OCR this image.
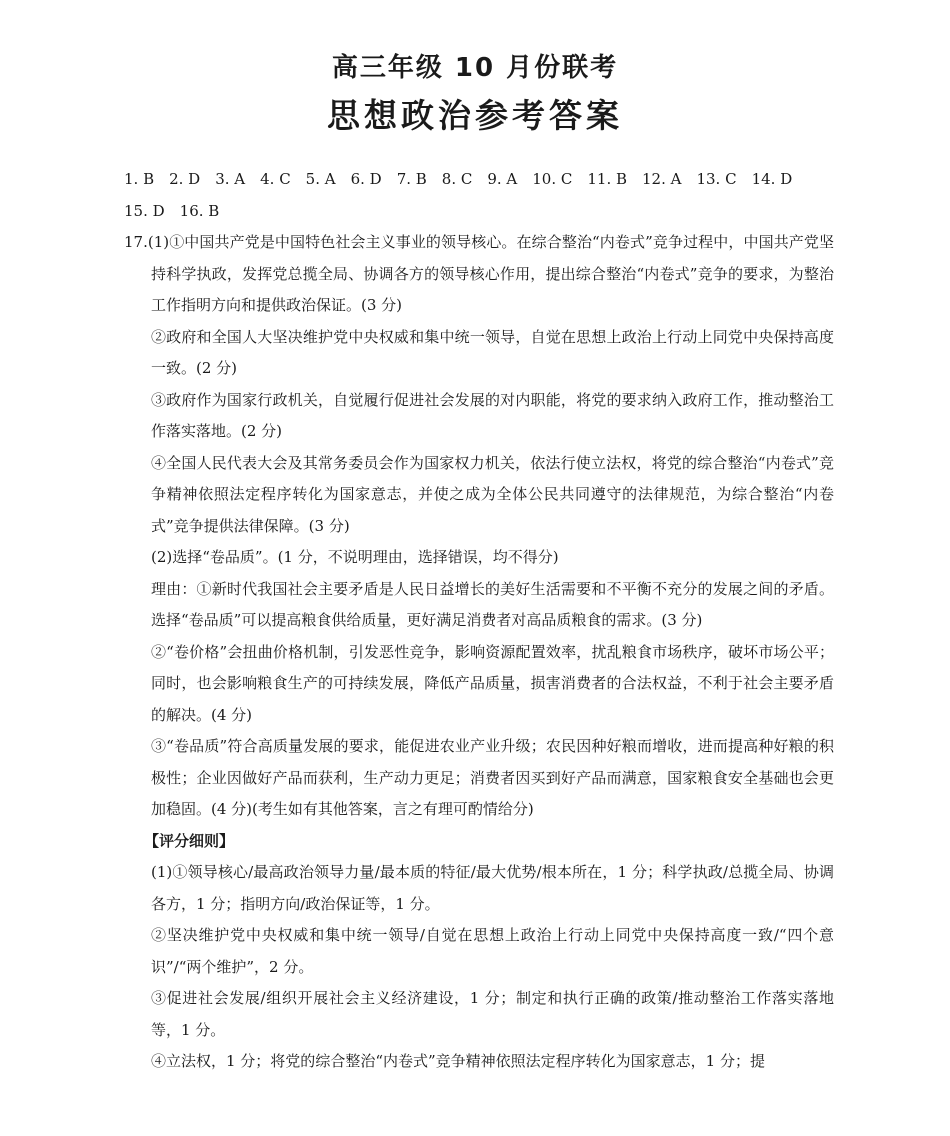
高三年级 10 月份联考
思想政治参考答案

1. B　2. D　3. A　4. C　5. A　6. D　7. B　8. C　9. A　10. C　11. B　12. A　13. C　14. D

15. D　16. B

17.(1)①中国共产党是中国特色社会主义事业的领导核心。在综合整治“内卷式”竞争过程中，中国共产党坚持科学执政，发挥党总揽全局、协调各方的领导核心作用，提出综合整治“内卷式”竞争的要求，为整治工作指明方向和提供政治保证。(3 分)

②政府和全国人大坚决维护党中央权威和集中统一领导，自觉在思想上政治上行动上同党中央保持高度一致。(2 分)

③政府作为国家行政机关，自觉履行促进社会发展的对内职能，将党的要求纳入政府工作，推动整治工作落实落地。(2 分)

④全国人民代表大会及其常务委员会作为国家权力机关，依法行使立法权，将党的综合整治“内卷式”竞争精神依照法定程序转化为国家意志，并使之成为全体公民共同遵守的法律规范，为综合整治“内卷式”竞争提供法律保障。(3 分)

(2)选择“卷品质”。(1 分，不说明理由，选择错误，均不得分)

理由：①新时代我国社会主要矛盾是人民日益增长的美好生活需要和不平衡不充分的发展之间的矛盾。选择“卷品质”可以提高粮食供给质量，更好满足消费者对高品质粮食的需求。(3 分)

②“卷价格”会扭曲价格机制，引发恶性竞争，影响资源配置效率，扰乱粮食市场秩序，破坏市场公平；同时，也会影响粮食生产的可持续发展，降低产品质量，损害消费者的合法权益，不利于社会主要矛盾的解决。(4 分)

③“卷品质”符合高质量发展的要求，能促进农业产业升级；农民因种好粮而增收，进而提高种好粮的积极性；企业因做好产品而获利，生产动力更足；消费者因买到好产品而满意，国家粮食安全基础也会更加稳固。(4 分)(考生如有其他答案，言之有理可酌情给分)

【评分细则】

(1)①领导核心/最高政治领导力量/最本质的特征/最大优势/根本所在，1 分；科学执政/总揽全局、协调各方，1 分；指明方向/政治保证等，1 分。

②坚决维护党中央权威和集中统一领导/自觉在思想上政治上行动上同党中央保持高度一致/“四个意识”/“两个维护”，2 分。

③促进社会发展/组织开展社会主义经济建设，1 分；制定和执行正确的政策/推动整治工作落实落地等，1 分。

④立法权，1 分；将党的综合整治“内卷式”竞争精神依照法定程序转化为国家意志，1 分；提
